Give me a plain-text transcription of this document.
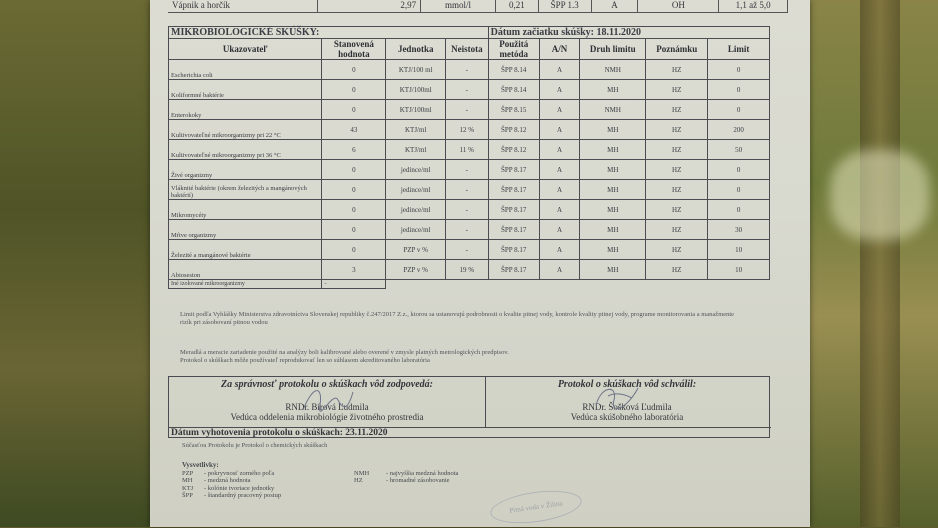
Vápnik a horčík	2,97	mmol/l	0,21	ŠPP 1.3	A	OH	1,1 až 5,0
MIKROBIOLOGICKÉ SKÚŠKY:				Dátum začiatku skúšky: 18.11.2020				
Ukazovateľ	Stanovená hodnota	Jednotka	Neistota	Použitá metóda	A/N	Druh limitu	Poznámku	Limit
Escherichia coli	0	KTJ/100 ml	-	ŠPP 8.14	A	NMH	HZ	0
Koliformné baktérie	0	KTJ/100ml	-	ŠPP 8.14	A	MH	HZ	0
Enterokoky	0	KTJ/100ml	-	ŠPP 8.15	A	NMH	HZ	0
Kultivovateľné mikroorganizmy pri 22 °C	43	KTJ/ml	12 %	ŠPP 8.12	A	MH	HZ	200
Kultivovateľné mikroorganizmy pri 36 °C	6	KTJ/ml	11 %	ŠPP 8.12	A	MH	HZ	50
Živé organizmy	0	jedince/ml	-	ŠPP 8.17	A	MH	HZ	0
Vláknité baktérie (okrem železitých a mangánových baktérií)	0	jedince/ml	-	ŠPP 8.17	A	MH	HZ	0
Mikromycéty	0	jedince/ml	-	ŠPP 8.17	A	MH	HZ	0
Mŕtve organizmy	0	jedince/ml	-	ŠPP 8.17	A	MH	HZ	30
Železité a mangánové baktérie	0	PZP v %	-	ŠPP 8.17	A	MH	HZ	10
Abioseston	3	PZP v %	19 %	ŠPP 8.17	A	MH	HZ	10
Iné izolované mikroorganizmy	-							
Limit podľa Vyhlášky Ministerstva zdravotníctva Slovenskej republiky č.247/2017 Z.z., ktorou sa ustanovujú podrobnosti o kvalite pitnej vody, kontrole kvality pitnej vody, programe monitorovania a manažmente rizík pri zásobovaní pitnou vodou
Meradlá a meracie zariadenie použité na analýzy boli kalibrované alebo overené v zmysle platných metrologických predpisov.
Protokol o skúškach môže používateľ reprodukovať len so súhlasom akreditovaného laboratória
Za správnosť protokolu o skúškach vôd zodpovedá:
RNDr. Bírová Ľudmila
Vedúca oddelenia mikrobiológie životného prostredia
Protokol o skúškach vôd schválil:
RNDr. Šošková Ľudmila
Vedúca skúšobného laboratória
Dátum vyhotovenia protokolu o skúškach: 23.11.2020
Súčasťou Protokolu je Protokol o chemických skúškach
Vysvetlivky:
PZP	- pokryvnosť zorného poľa	NMH	- najvyššia medzná hodnota
MH	- medzná hodnota	HZ	- hromadné zásobovanie
KTJ	- kolónie tvoriace jednotky
ŠPP	- štandardný pracovný postup
Pitná voda v Žilina
